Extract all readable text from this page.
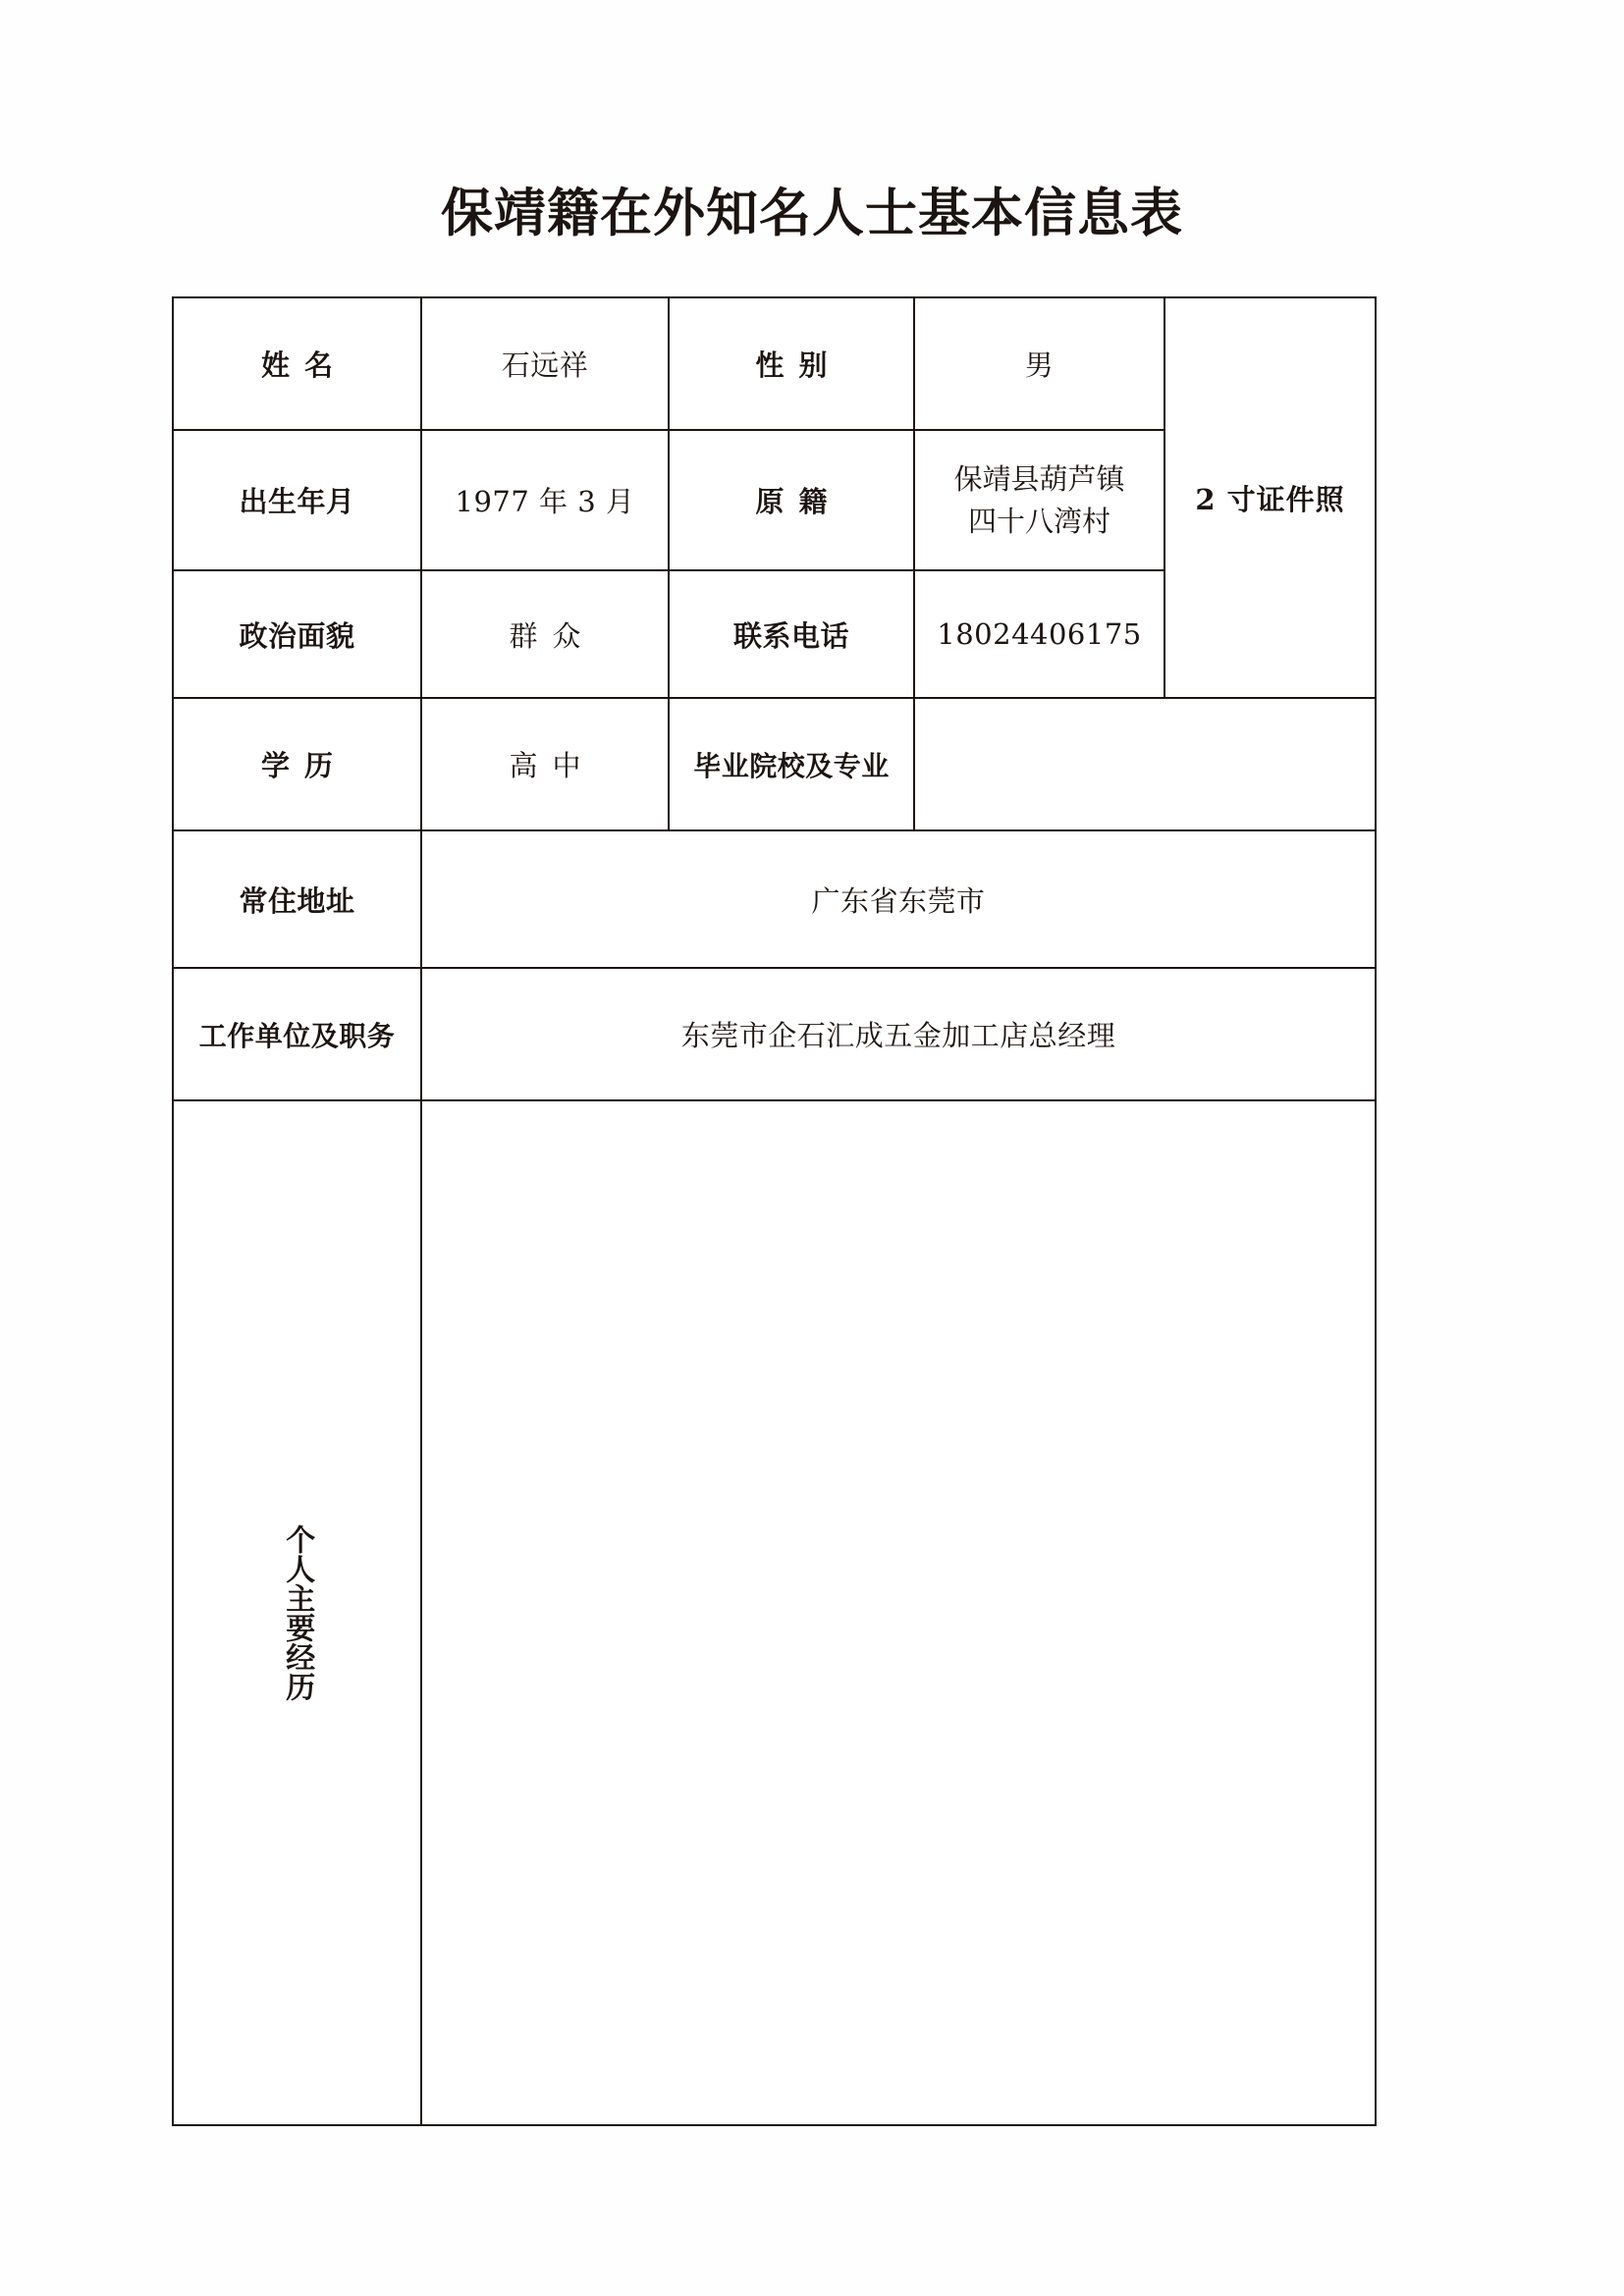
保靖籍在外知名人士基本信息表
姓名	石远祥	性别	男	2 寸证件照
出生年月	1977 年 3 月	原籍	保靖县葫芦镇
四十八湾村	

政治面貌	群众	联系电话	18024406175	
学历	高中	毕业院校及专业		
常住地址	广东省东莞市			
工作单位及职务	东莞市企石汇成五金加工店总经理			

个人主要经历				
